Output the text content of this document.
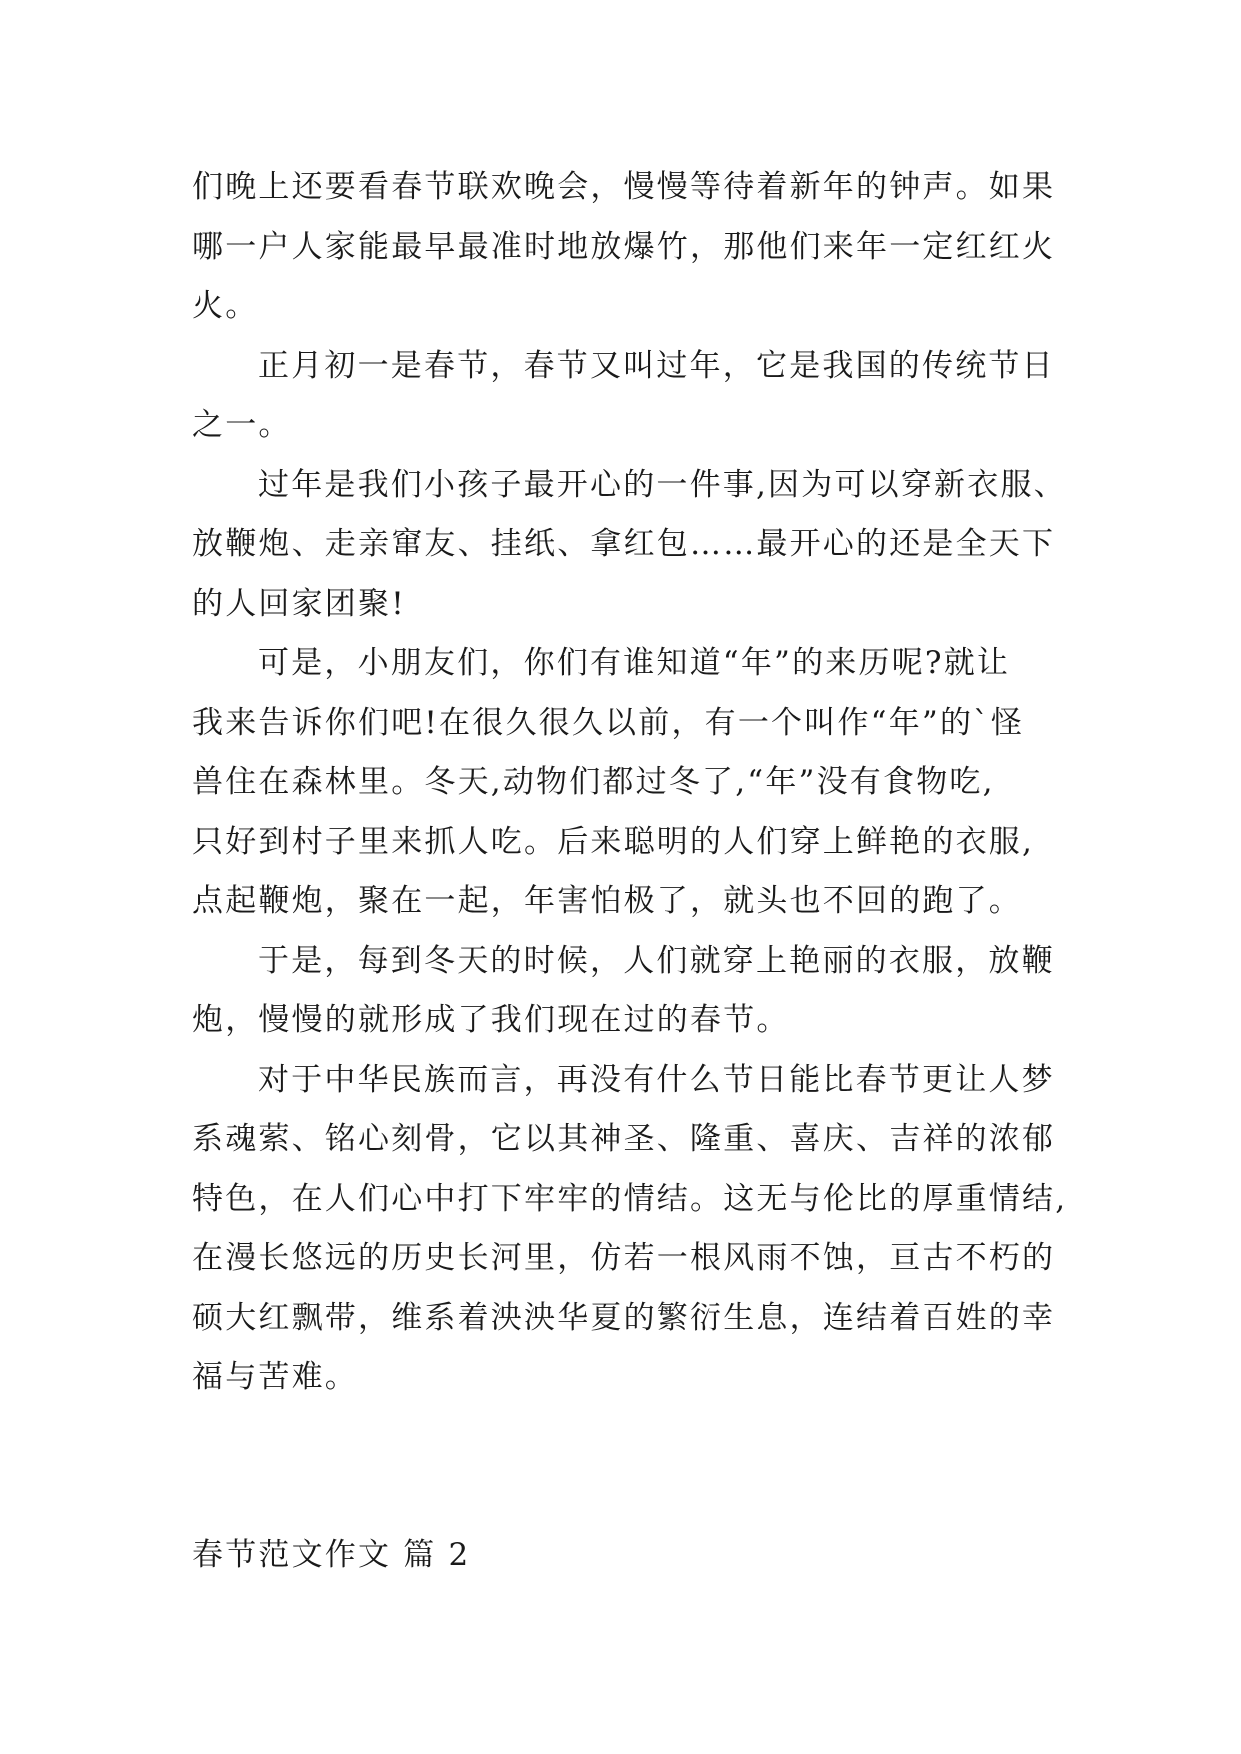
们晚上还要看春节联欢晚会，慢慢等待着新年的钟声。如果
哪一户人家能最早最准时地放爆竹，那他们来年一定红红火
火。
正月初一是春节，春节又叫过年，它是我国的传统节日
之一。
过年是我们小孩子最开心的一件事,因为可以穿新衣服、
放鞭炮、走亲窜友、挂纸、拿红包……最开心的还是全天下
的人回家团聚!
可是，小朋友们，你们有谁知道“年”的来历呢?就让
我来告诉你们吧!在很久很久以前，有一个叫作“年”的`怪
兽住在森林里。冬天,动物们都过冬了,“年”没有食物吃,
只好到村子里来抓人吃。后来聪明的人们穿上鲜艳的衣服,
点起鞭炮，聚在一起，年害怕极了，就头也不回的跑了。
于是，每到冬天的时候，人们就穿上艳丽的衣服，放鞭
炮，慢慢的就形成了我们现在过的春节。
对于中华民族而言，再没有什么节日能比春节更让人梦
系魂萦、铭心刻骨，它以其神圣、隆重、喜庆、吉祥的浓郁
特色，在人们心中打下牢牢的情结。这无与伦比的厚重情结,
在漫长悠远的历史长河里，仿若一根风雨不蚀，亘古不朽的
硕大红飘带，维系着泱泱华夏的繁衍生息，连结着百姓的幸
福与苦难。
春节范文作文 篇 2
